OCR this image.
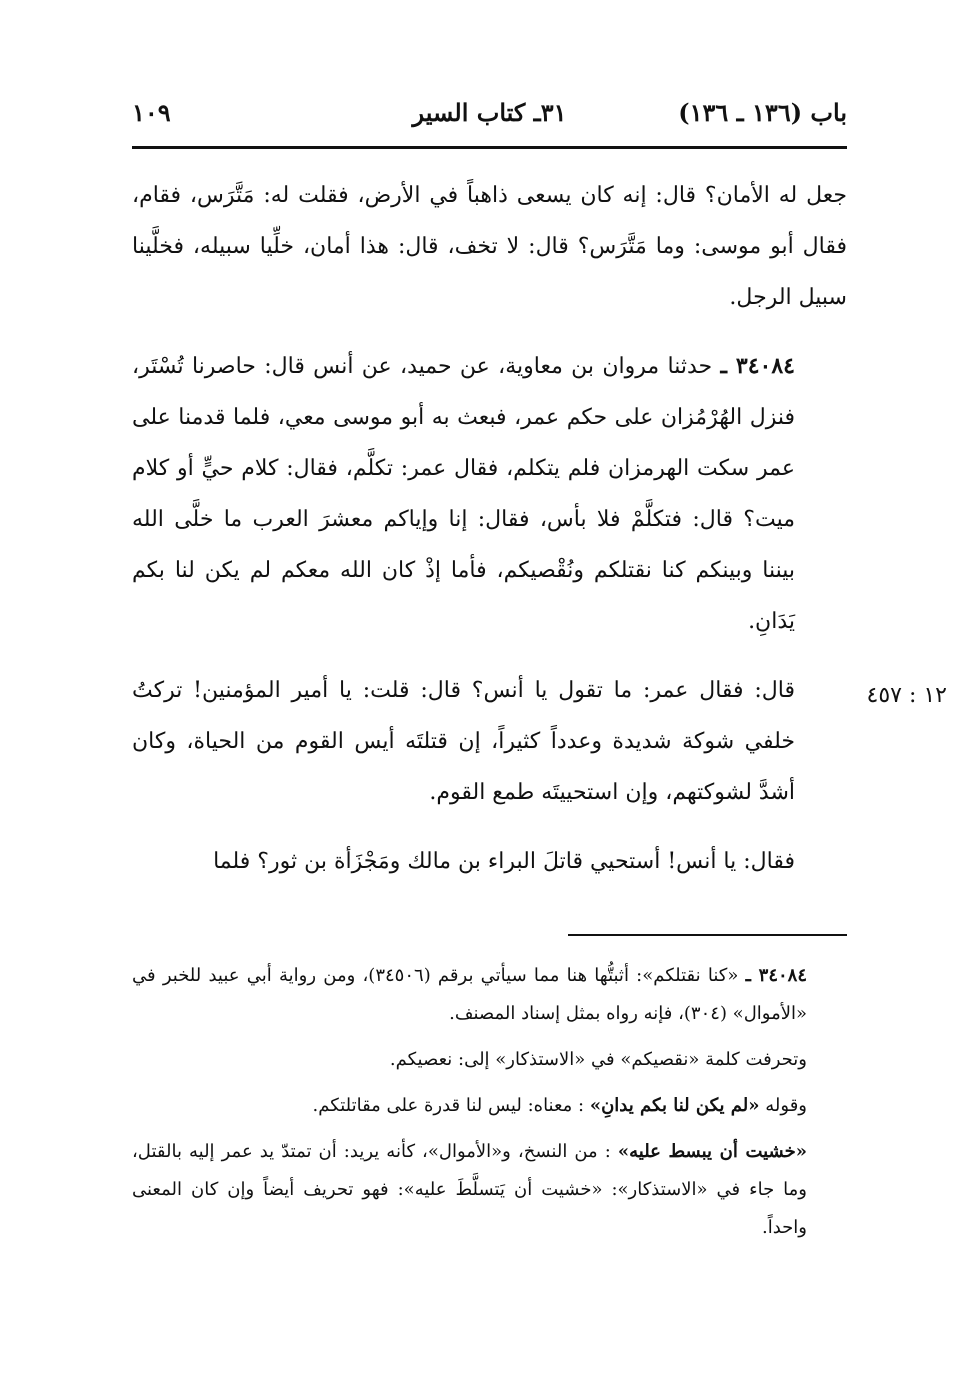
باب (١٣٦ ـ ١٣٦)
٣١ـ كتاب السير
١٠٩
١٢ : ٤٥٧

جعل له الأمان؟ قال: إنه كان يسعى ذاهباً في الأرض، فقلت له: مَتَّرَس، فقام، فقال أبو موسى: وما مَتَّرَس؟ قال: لا تخف، قال: هذا أمان، خلِّيا سبيله، فخلَّينا سبيل الرجل.

٣٤٠٨٤ ـ حدثنا مروان بن معاوية، عن حميد، عن أنس قال: حاصرنا تُسْتَر، فنزل الهُرْمُزان على حكم عمر، فبعث به أبو موسى معي، فلما قدمنا على عمر سكت الهرمزان فلم يتكلم، فقال عمر: تكلَّم، فقال: كلام حيٍّ أو كلام ميت؟ قال: فتكلَّمْ فلا بأس، فقال: إنا وإياكم معشرَ العرب ما خلَّى الله بيننا وبينكم كنا نقتلكم ونُقْصيكم، فأما إذْ كان الله معكم لم يكن لنا بكم يَدَانِ.

قال: فقال عمر: ما تقول يا أنس؟ قال: قلت: يا أمير المؤمنين! تركتُ خلفي شوكة شديدة وعدداً كثيراً، إن قتلتَه أيس القوم من الحياة، وكان أشدَّ لشوكتهم، وإن استحييتَه طمع القوم.

فقال: يا أنس! أستحيي قاتلَ البراء بن مالك ومَجْزَأة بن ثور؟ فلما

٣٤٠٨٤ ـ «كنا نقتلكم»: أثبتُّها هنا مما سيأتي برقم (٣٤٥٠٦)، ومن رواية أبي عبيد للخبر في «الأموال» (٣٠٤)، فإنه رواه بمثل إسناد المصنف.

وتحرفت كلمة «نقصيكم» في «الاستذكار» إلى: نعصيكم.

وقوله «لم يكن لنا بكم يدانِ» : معناه: ليس لنا قدرة على مقاتلتكم.

«خشيت أن يبسط عليه» : من النسخ، و«الأموال»، كأنه يريد: أن تمتدّ يد عمر إليه بالقتل، وما جاء في «الاستذكار»: «خشيت أن يَتسلَّطَ عليه»: فهو تحريف أيضاً وإن كان المعنى واحداً.
